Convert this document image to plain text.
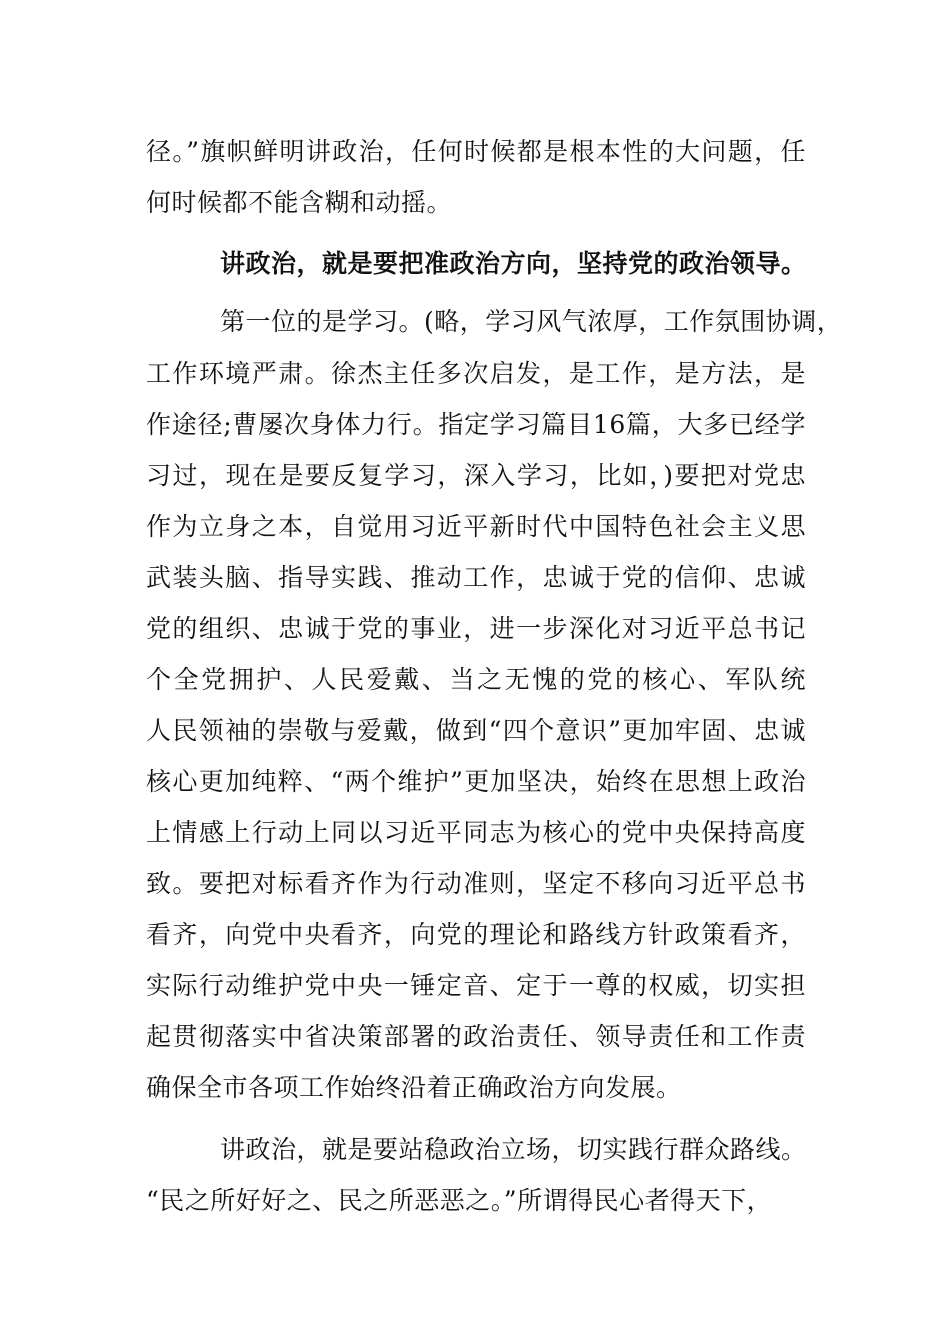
径。”旗帜鲜明讲政治，任何时候都是根本性的大问题，任
何时候都不能含糊和动摇。
讲政治，就是要把准政治方向，坚持党的政治领导。
第一位的是学习。(略，学习风气浓厚，工作氛围协调，
工作环境严肃。徐杰主任多次启发，是工作，是方法，是
作途径;曹屡次身体力行。指定学习篇目16篇，大多已经学
习过，现在是要反复学习，深入学习，比如，)要把对党忠
作为立身之本，自觉用习近平新时代中国特色社会主义思
武装头脑、指导实践、推动工作，忠诚于党的信仰、忠诚
党的组织、忠诚于党的事业，进一步深化对习近平总书记
个全党拥护、人民爱戴、当之无愧的党的核心、军队统
人民领袖的崇敬与爱戴，做到“四个意识”更加牢固、忠诚
核心更加纯粹、“两个维护”更加坚决，始终在思想上政治
上情感上行动上同以习近平同志为核心的党中央保持高度
致。要把对标看齐作为行动准则，坚定不移向习近平总书
看齐，向党中央看齐，向党的理论和路线方针政策看齐，
实际行动维护党中央一锤定音、定于一尊的权威，切实担
起贯彻落实中省决策部署的政治责任、领导责任和工作责
确保全市各项工作始终沿着正确政治方向发展。
讲政治，就是要站稳政治立场，切实践行群众路线。
“民之所好好之、民之所恶恶之。”所谓得民心者得天下，
